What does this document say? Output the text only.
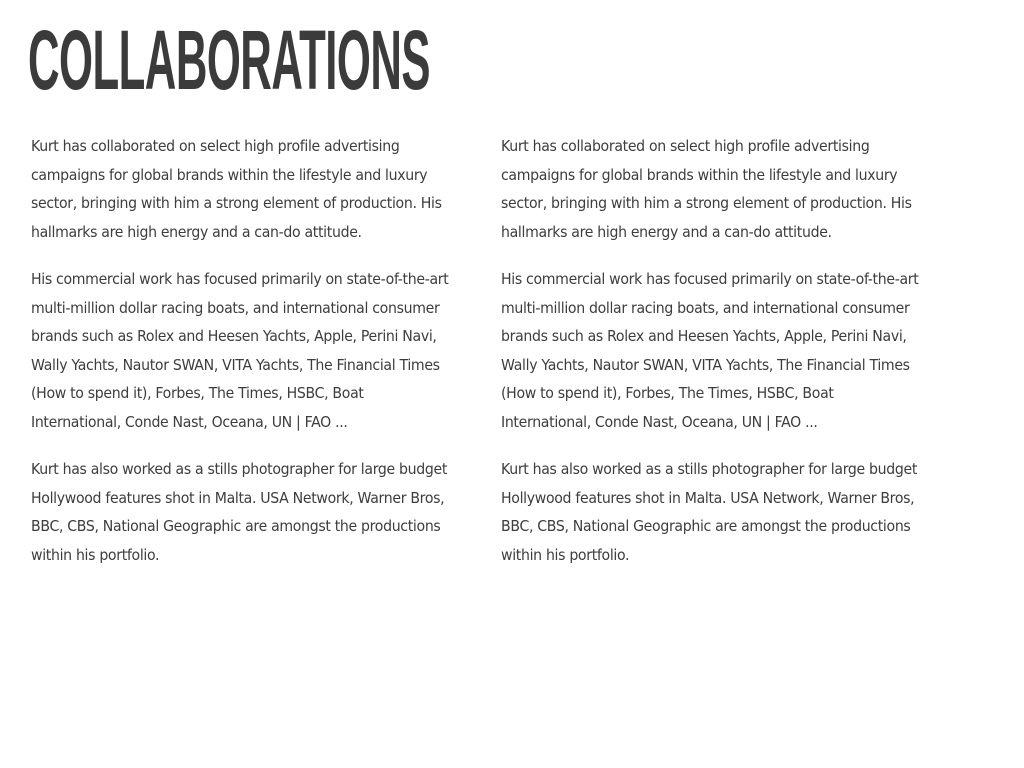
COLLABORATIONS

Kurt has collaborated on select high profile advertising campaigns for global brands within the lifestyle and luxury sector, bringing with him a strong element of production. His hallmarks are high energy and a can-do attitude.

His commercial work has focused primarily on state-of-the-art multi-million dollar racing boats, and international consumer brands such as Rolex and Heesen Yachts, Apple, Perini Navi, Wally Yachts, Nautor SWAN, VITA Yachts, The Financial Times (How to spend it), Forbes, The Times, HSBC, Boat International, Conde Nast, Oceana, UN | FAO ...

Kurt has also worked as a stills photographer for large budget Hollywood features shot in Malta. USA Network, Warner Bros, BBC, CBS, National Geographic are amongst the productions within his portfolio.

Kurt has collaborated on select high profile advertising campaigns for global brands within the lifestyle and luxury sector, bringing with him a strong element of production. His hallmarks are high energy and a can-do attitude.

His commercial work has focused primarily on state-of-the-art multi-million dollar racing boats, and international consumer brands such as Rolex and Heesen Yachts, Apple, Perini Navi, Wally Yachts, Nautor SWAN, VITA Yachts, The Financial Times (How to spend it), Forbes, The Times, HSBC, Boat International, Conde Nast, Oceana, UN | FAO ...

Kurt has also worked as a stills photographer for large budget Hollywood features shot in Malta. USA Network, Warner Bros, BBC, CBS, National Geographic are amongst the productions within his portfolio.
